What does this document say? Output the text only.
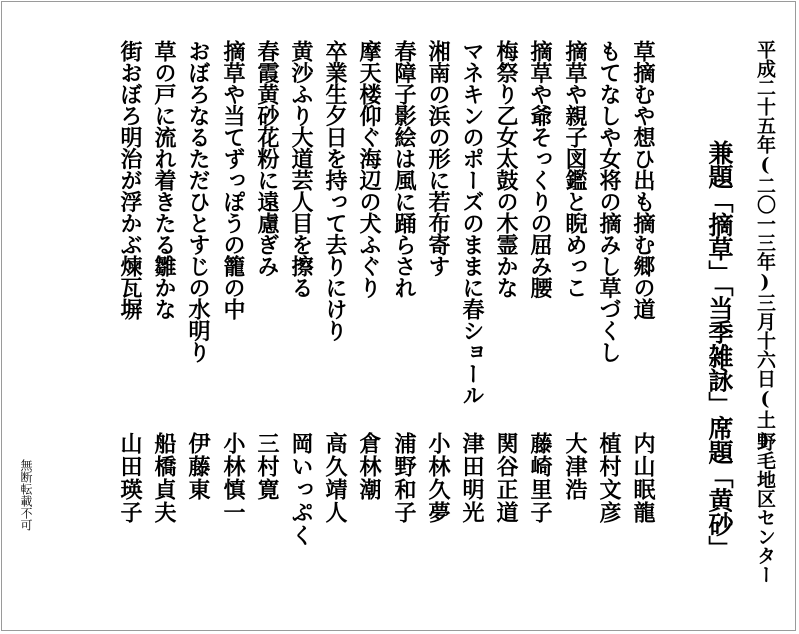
平成二十五年(二〇一三年)三月十六日(土)
野毛地区センター
兼題「摘草」「当季雑詠」席題「黄砂」
草摘むや想ひ出も摘む郷の道
内山眠龍
もてなしや女将の摘みし草づくし
植村文彦
摘草や親子図鑑と睨めっこ
大津浩
摘草や爺そっくりの屈み腰
藤崎里子
梅祭り乙女太鼓の木霊かな
関谷正道
マネキンのポーズのままに春ショール
津田明光
湘南の浜の形に若布寄す
小林久夢
春障子影絵は風に踊らされ
浦野和子
摩天楼仰ぐ海辺の犬ふぐり
倉林潮
卒業生夕日を持って去りにけり
高久靖人
黄沙ふり大道芸人目を擦る
岡いっぷく
春霞黄砂花粉に遠慮ぎみ
三村寛
摘草や当てずっぽうの籠の中
小林慎一
おぼろなるただひとすじの水明り
伊藤東
草の戸に流れ着きたる雛かな
船橋貞夫
街おぼろ明治が浮かぶ煉瓦塀
山田瑛子
無断転載不可
